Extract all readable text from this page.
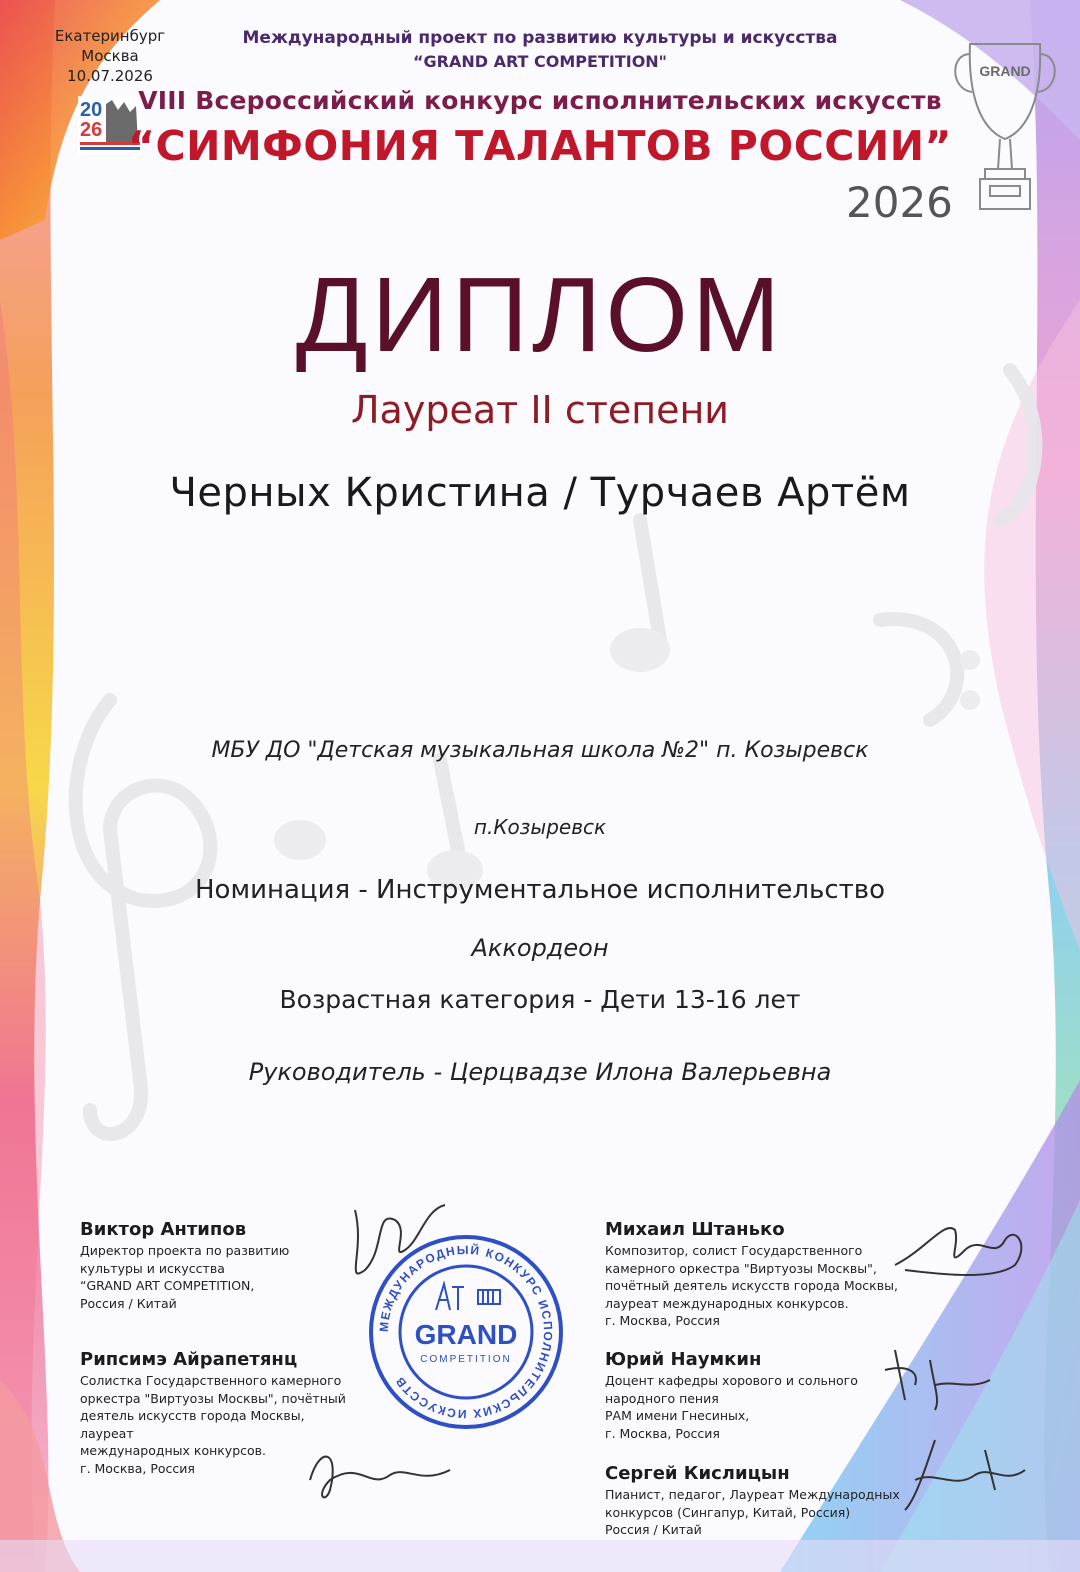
Екатеринбург
Москва
10.07.2026
20
26
Международный проект по развитию культуры и искусства
“GRAND ART COMPETITION"
VIII Всероссийский конкурс исполнительских искусств
“СИМФОНИЯ ТАЛАНТОВ РОССИИ”
2026
GRAND
ДИПЛОМ
Лауреат II степени
Черных Кристина / Турчаев Артём
МБУ ДО "Детская музыкальная школа №2" п. Козыревск
п.Козыревск
Номинация - Инструментальное исполнительство
Аккордеон
Возрастная категория - Дети 13-16 лет
Руководитель - Церцвадзе Илона Валерьевна
Виктор Антипов
Директор проекта по развитию
культуры и искусства
“GRAND ART COMPETITION,
Россия / Китай
Рипсимэ Айрапетянц
Солистка Государственного камерного
оркестра "Виртуозы Москвы", почётный
деятель искусств города Москвы, лауреат
международных конкурсов.
г. Москва, Россия
Михаил Штанько
Композитор, солист Государственного
камерного оркестра "Виртуозы Москвы",
почётный деятель искусств города Москвы,
лауреат международных конкурсов.
г. Москва, Россия
Юрий Наумкин
Доцент кафедры хорового и сольного
народного пения
РАМ имени Гнесиных,
г. Москва, Россия
Сергей Кислицын
Пианист, педагог, Лауреат Международных
конкурсов (Сингапур, Китай, Россия)
Россия / Китай
МЕЖДУНАРОДНЫЙ КОНКУРС ИСПОЛНИТЕЛЬСКИХ ИСКУССТВ
GRAND
COMPETITION
